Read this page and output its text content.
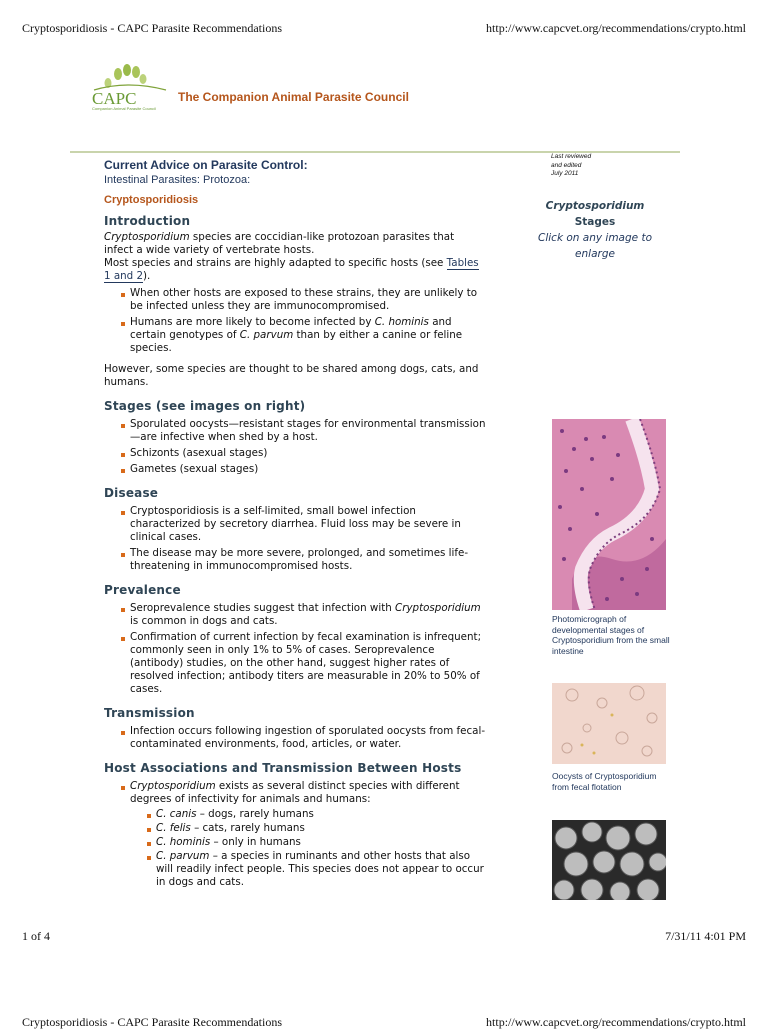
Cryptosporidiosis - CAPC Parasite Recommendations	http://www.capcvet.org/recommendations/crypto.html
CAPC
Companion Animal Parasite Council
The Companion Animal Parasite Council
Current Advice on Parasite Control:
Intestinal Parasites: Protozoa:
Cryptosporidiosis
Introduction

Cryptosporidium species are coccidian-like protozoan parasites that infect a wide variety of vertebrate hosts.

Most species and strains are highly adapted to specific hosts (see Tables 1 and 2).

When other hosts are exposed to these strains, they are unlikely to be infected unless they are immunocompromised.
Humans are more likely to become infected by C. hominis and certain genotypes of C. parvum than by either a canine or feline species.

However, some species are thought to be shared among dogs, cats, and humans.

Stages (see images on right)
Sporulated oocysts—resistant stages for environmental transmission—are infective when shed by a host.
Schizonts (asexual stages)
Gametes (sexual stages)
Disease
Cryptosporidiosis is a self-limited, small bowel infection characterized by secretory diarrhea. Fluid loss may be severe in clinical cases.
The disease may be more severe, prolonged, and sometimes life-threatening in immunocompromised hosts.
Prevalence
Seroprevalence studies suggest that infection with Cryptosporidium is common in dogs and cats.
Confirmation of current infection by fecal examination is infrequent; commonly seen in only 1% to 5% of cases. Seroprevalence (antibody) studies, on the other hand, suggest higher rates of resolved infection; antibody titers are measurable in 20% to 50% of cases.
Transmission
Infection occurs following ingestion of sporulated oocysts from fecal-contaminated environments, food, articles, or water.
Host Associations and Transmission Between Hosts
Cryptosporidium exists as several distinct species with different degrees of infectivity for animals and humans:
C. canis – dogs, rarely humans
C. felis – cats, rarely humans
C. hominis – only in humans
C. parvum – a species in ruminants and other hosts that also will readily infect people. This species does not appear to occur in dogs and cats.
Last reviewed
and edited
July 2011
Cryptosporidium
Stages
Click on any image to enlarge
Photomicrograph of developmental stages of Cryptosporidium from the small intestine
Oocysts of Cryptosporidium from fecal flotation
1 of 4	7/31/11 4:01 PM
Cryptosporidiosis - CAPC Parasite Recommendations	http://www.capcvet.org/recommendations/crypto.html
